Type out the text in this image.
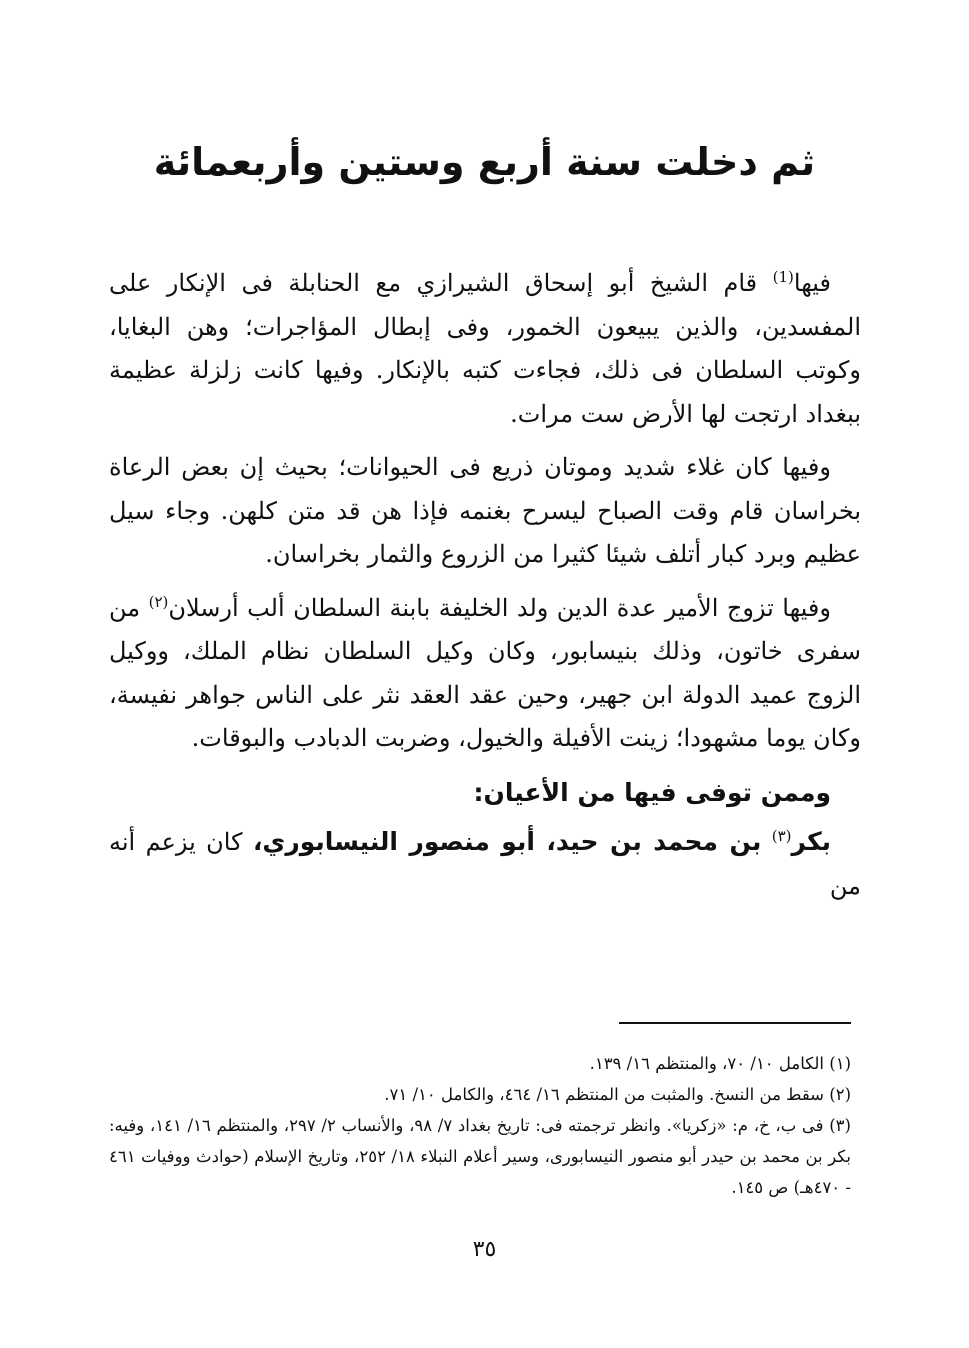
ثم دخلت سنة أربع وستين وأربعمائة

فيها$^{(1)}$ قام الشيخ أبو إسحاق الشيرازي مع الحنابلة فى الإنكار على المفسدين، والذين يبيعون الخمور، وفى إبطال المؤاجرات؛ وهن البغايا، وكوتب السلطان فى ذلك، فجاءت كتبه بالإنكار. وفيها كانت زلزلة عظيمة ببغداد ارتجت لها الأرض ست مرات.

وفيها كان غلاء شديد وموتان ذريع فى الحيوانات؛ بحيث إن بعض الرعاة بخراسان قام وقت الصباح ليسرح بغنمه فإذا هن قد متن كلهن. وجاء سيل عظيم وبرد كبار أتلف شيئا كثيرا من الزروع والثمار بخراسان.

وفيها تزوج الأمير عدة الدين ولد الخليفة بابنة السلطان ألب أرسلان$^{(٢)}$ من سفرى خاتون، وذلك بنيسابور، وكان وكيل السلطان نظام الملك، ووكيل الزوج عميد الدولة ابن جهير، وحين عقد العقد نثر على الناس جواهر نفيسة، وكان يوما مشهودا؛ زينت الأفيلة والخيول، وضربت الدبادب والبوقات.

وممن توفى فيها من الأعيان:

بكر$^{(٣)}$ بن محمد بن حيد، أبو منصور النيسابوري، كان يزعم أنه من

(١) الكامل ١٠/ ٧٠، والمنتظم ١٦/ ١٣٩.

(٢) سقط من النسخ. والمثبت من المنتظم ١٦/ ٤٦٤، والكامل ١٠/ ٧١.

(٣) فى ب، خ، م: «زكريا». وانظر ترجمته فى: تاريخ بغداد ٧/ ٩٨، والأنساب ٢/ ٢٩٧، والمنتظم ١٦/ ١٤١، وفيه: بكر بن محمد بن حيدر أبو منصور النيسابورى، وسير أعلام النبلاء ١٨/ ٢٥٢، وتاريخ الإسلام (حوادث ووفيات ٤٦١ - ٤٧٠هـ) ص ١٤٥.

٣٥
